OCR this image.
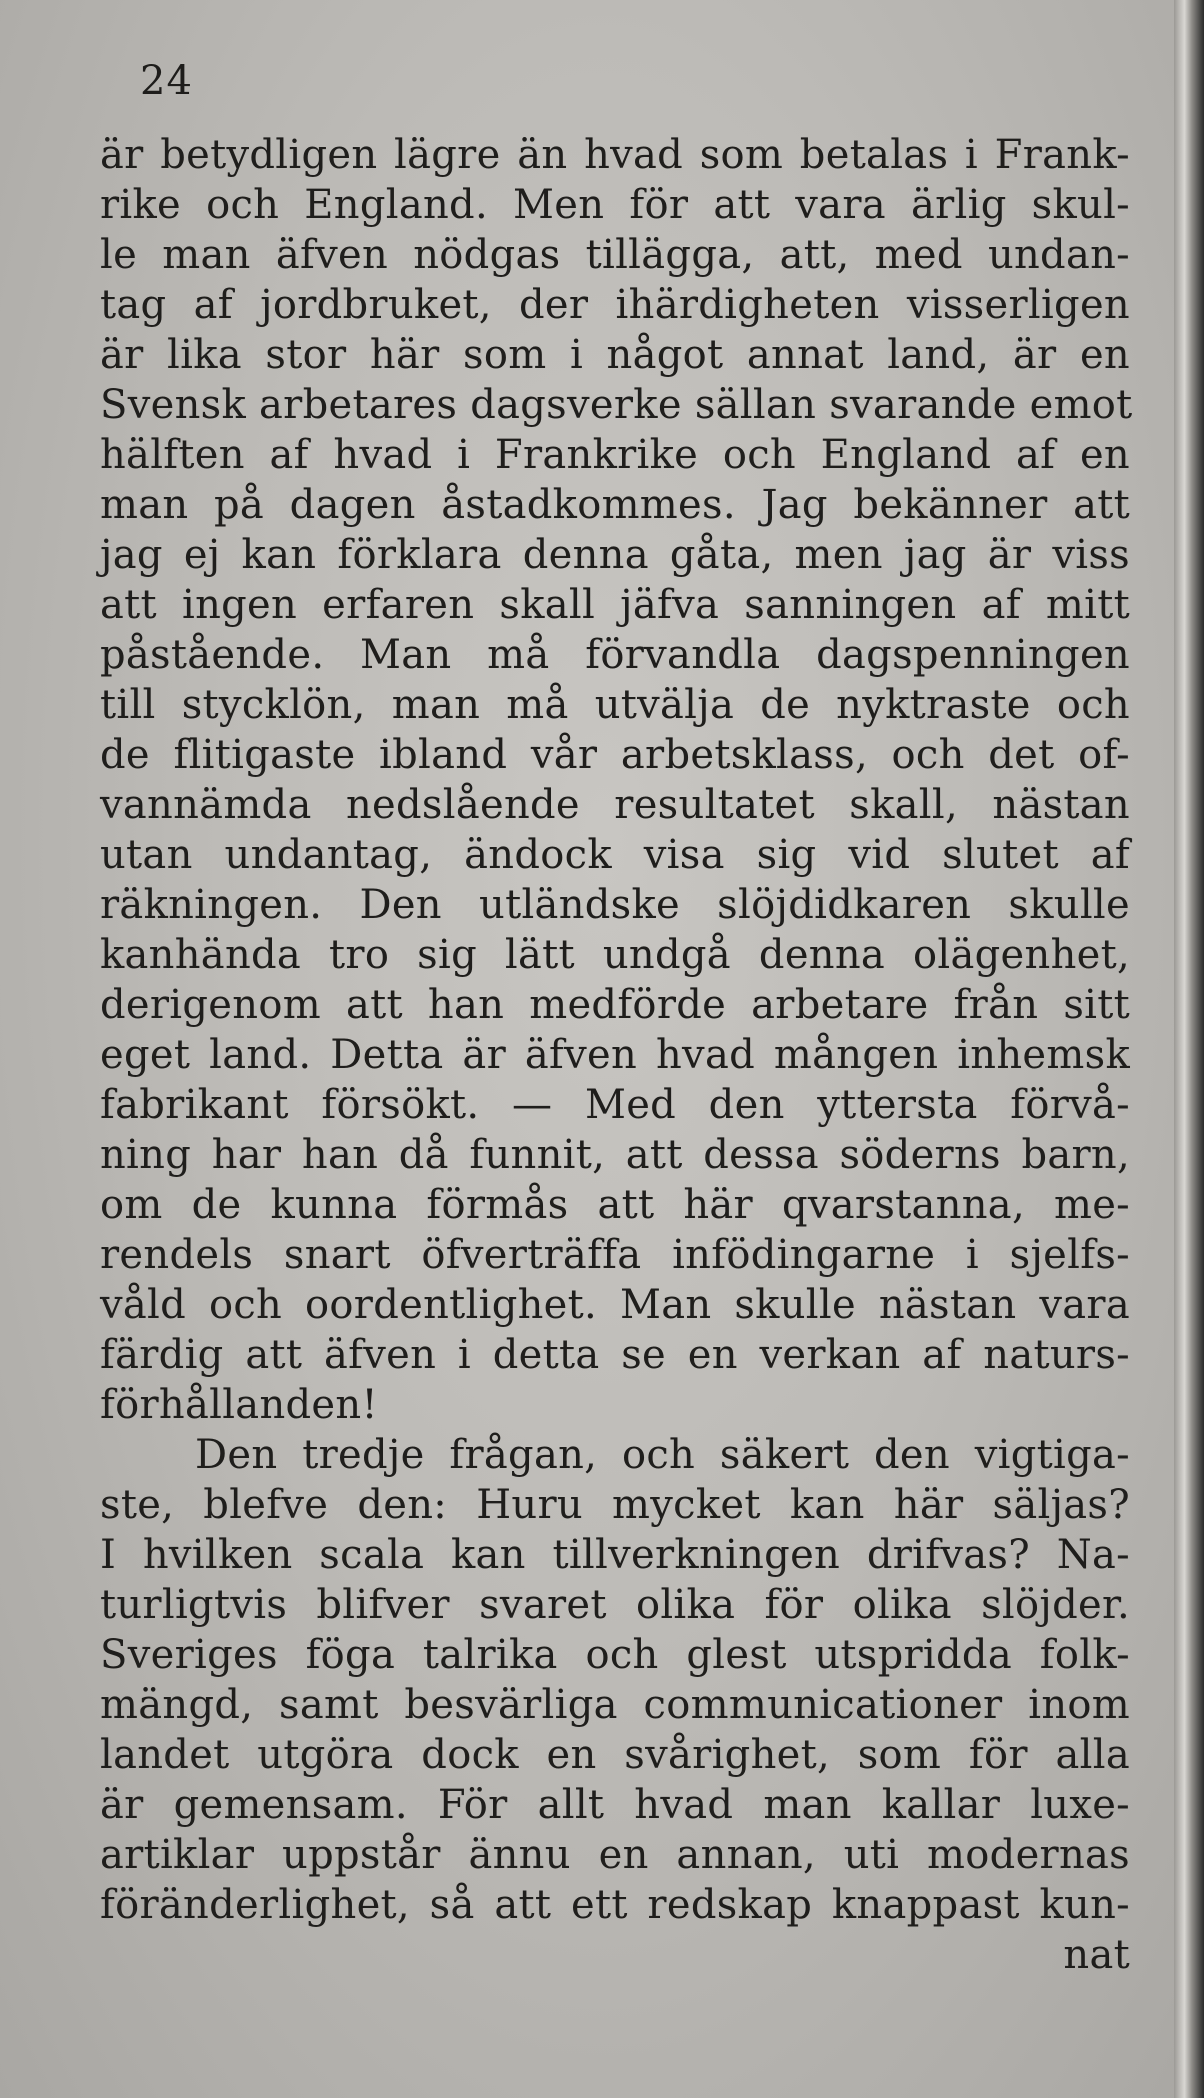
24
är betydligen lägre än hvad som betalas i Frank-
rike och England. Men för att vara ärlig skul-
le man äfven nödgas tillägga, att, med undan-
tag af jordbruket, der ihärdigheten visserligen
är lika stor här som i något annat land, är en
Svensk arbetares dagsverke sällan svarande emot
hälften af hvad i Frankrike och England af en
man på dagen åstadkommes. Jag bekänner att
jag ej kan förklara denna gåta, men jag är viss
att ingen erfaren skall jäfva sanningen af mitt
påstående. Man må förvandla dagspenningen
till stycklön, man må utvälja de nyktraste och
de flitigaste ibland vår arbetsklass, och det of-
vannämda nedslående resultatet skall, nästan
utan undantag, ändock visa sig vid slutet af
räkningen. Den utländske slöjdidkaren skulle
kanhända tro sig lätt undgå denna olägenhet,
derigenom att han medförde arbetare från sitt
eget land. Detta är äfven hvad mången inhemsk
fabrikant försökt. — Med den yttersta förvå-
ning har han då funnit, att dessa söderns barn,
om de kunna förmås att här qvarstanna, me-
rendels snart öfverträffa infödingarne i sjelfs-
våld och oordentlighet. Man skulle nästan vara
färdig att äfven i detta se en verkan af naturs-
förhållanden!
Den tredje frågan, och säkert den vigtiga-
ste, blefve den: Huru mycket kan här säljas?
I hvilken scala kan tillverkningen drifvas? Na-
turligtvis blifver svaret olika för olika slöjder.
Sveriges föga talrika och glest utspridda folk-
mängd, samt besvärliga communicationer inom
landet utgöra dock en svårighet, som för alla
är gemensam. För allt hvad man kallar luxe-
artiklar uppstår ännu en annan, uti modernas
föränderlighet, så att ett redskap knappast kun-
nat
